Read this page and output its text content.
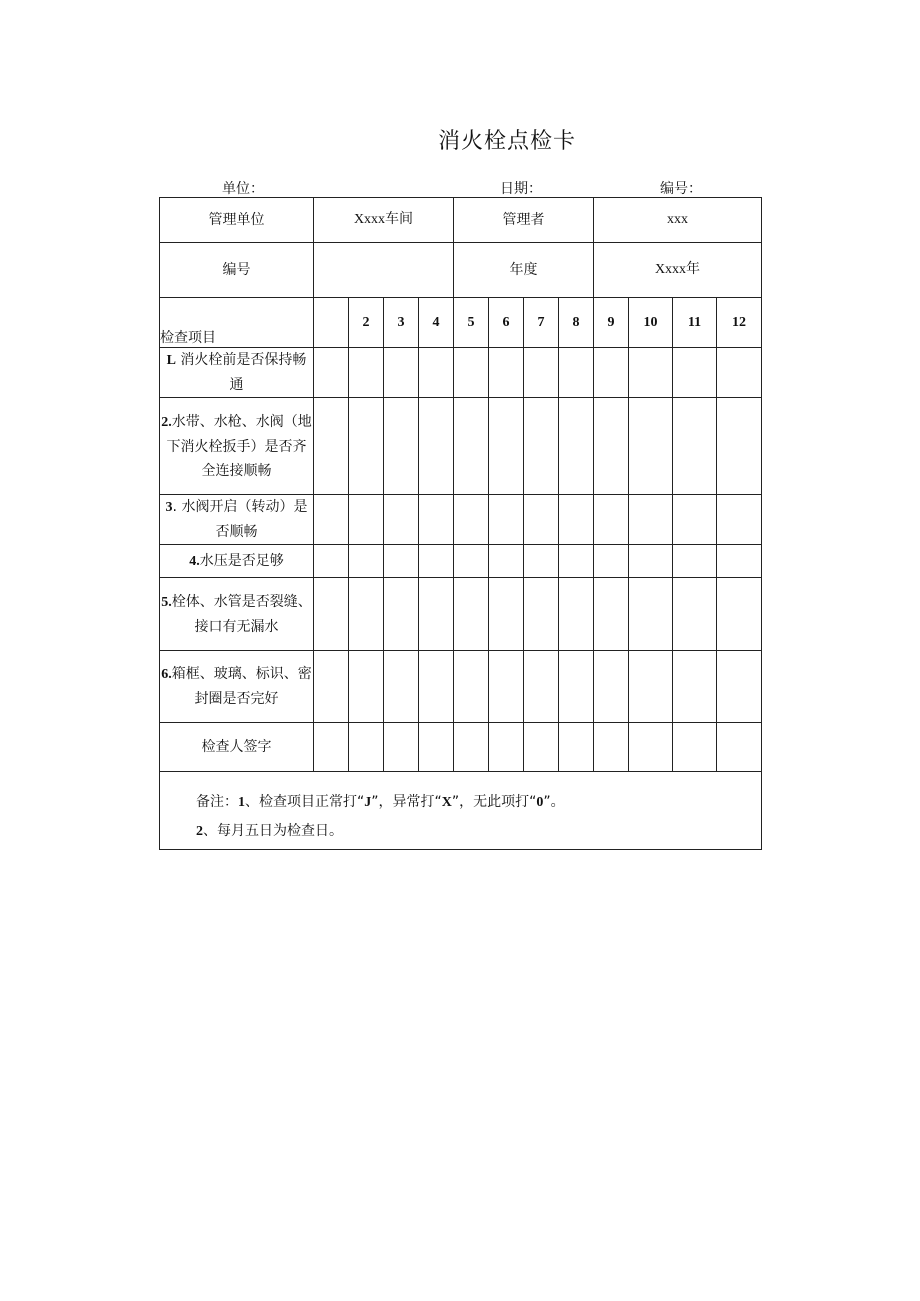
消火栓点检卡
单位：	日期：	编号：
管理单位	Xxxx车间				管理者				xxx			
编号					年度				Xxxx年			
检查项目		2	3	4	5	6	7	8	9	10	11	12
L 消火栓前是否保持畅通												
2.水带、水枪、水阀（地下消火栓扳手）是否齐全连接顺畅												
3. 水阀开启（转动）是否顺畅												
4.水压是否足够												
5.栓体、水管是否裂缝、接口有无漏水												
6.箱框、玻璃、标识、密封圈是否完好												
检查人签字												

备注：1、检查项目正常打“J”，异常打“X”，无此项打“0”。
2、每月五日为检查日。												
